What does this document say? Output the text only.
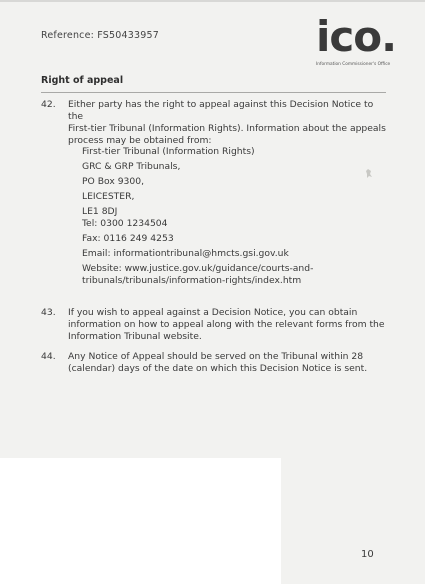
Reference: FS50433957	ico.
Information Commissioner's Office
Right of appeal
42. Either party has the right to appeal against this Decision Notice to the
First-tier Tribunal (Information Rights). Information about the appeals
process may be obtained from:
First-tier Tribunal (Information Rights)
GRC & GRP Tribunals,
PO Box 9300,
LEICESTER,
LE1 8DJ
Tel: 0300 1234504
Fax: 0116 249 4253
Email: informationtribunal@hmcts.gsi.gov.uk
Website: www.justice.gov.uk/guidance/courts-and-
tribunals/tribunals/information-rights/index.htm
43. If you wish to appeal against a Decision Notice, you can obtain
information on how to appeal along with the relevant forms from the
Information Tribunal website.
44. Any Notice of Appeal should be served on the Tribunal within 28
(calendar) days of the date on which this Decision Notice is sent.
10
